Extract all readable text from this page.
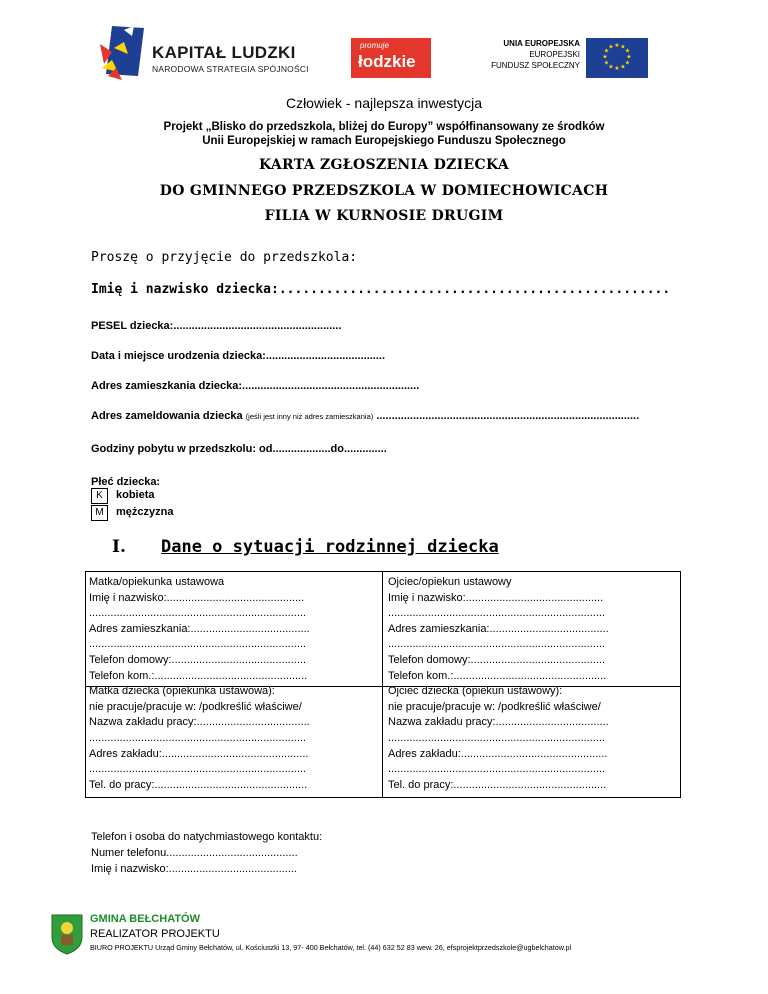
KAPITAŁ LUDZKI
NARODOWA STRATEGIA SPÓJNOŚCI
promuje
łodzkie
UNIA EUROPEJSKA
EUROPEJSKI
FUNDUSZ SPOŁECZNY
★ ★
★
★
★
★
★
★
★
★
★
★
Człowiek - najlepsza inwestycja
Projekt „Blisko do przedszkola, bliżej do Europy” współfinansowany ze środków
Unii Europejskiej w ramach Europejskiego Funduszu Społecznego
KARTA ZGŁOSZENIA DZIECKA
DO GMINNEGO PRZEDSZKOLA W DOMIECHOWICACH
FILIA W KURNOSIE DRUGIM
Proszę o przyjęcie do przedszkola:
Imię i nazwisko dziecka:..................................................
PESEL dziecka:.......................................................
Data i miejsce urodzenia dziecka:.......................................
Adres zamieszkania dziecka:..........................................................
Adres zameldowania dziecka (jeśli jest inny niż adres zamieszkania) ......................................................................................
Godziny pobytu w przedszkolu: od...................do..............
Płeć dziecka:
K	kobieta
M	mężczyzna
I. Dane o sytuacji rodzinnej dziecka
Matka/opiekunka ustawowa
Imię i nazwisko:.............................................
.......................................................................
Adres zamieszkania:.......................................
.......................................................................
Telefon domowy:............................................
Telefon kom.:..................................................
Matka dziecka (opiekunka ustawowa):
nie pracuje/pracuje w: /podkreślić właściwe/
Nazwa zakładu pracy:.....................................
.......................................................................
Adres zakładu:................................................
.......................................................................
Tel. do pracy:..................................................
Ojciec/opiekun ustawowy
Imię i nazwisko:.............................................
.......................................................................
Adres zamieszkania:.......................................
.......................................................................
Telefon domowy:............................................
Telefon kom.:..................................................
Ojciec dziecka (opiekun ustawowy):
nie pracuje/pracuje w: /podkreślić właściwe/
Nazwa zakładu pracy:.....................................
.......................................................................
Adres zakładu:................................................
.......................................................................
Tel. do pracy:..................................................
Telefon i osoba do natychmiastowego kontaktu:
Numer telefonu...........................................
Imię i nazwisko:..........................................
GMINA BEŁCHATÓW
REALIZATOR PROJEKTU
BIURO PROJEKTU Urząd Gminy Bełchatów, ul. Kościuszki 13, 97- 400 Bełchatów, tel. (44) 632 52 83 wew. 26, efsprojektprzedszkole@ugbelchatow.pl
